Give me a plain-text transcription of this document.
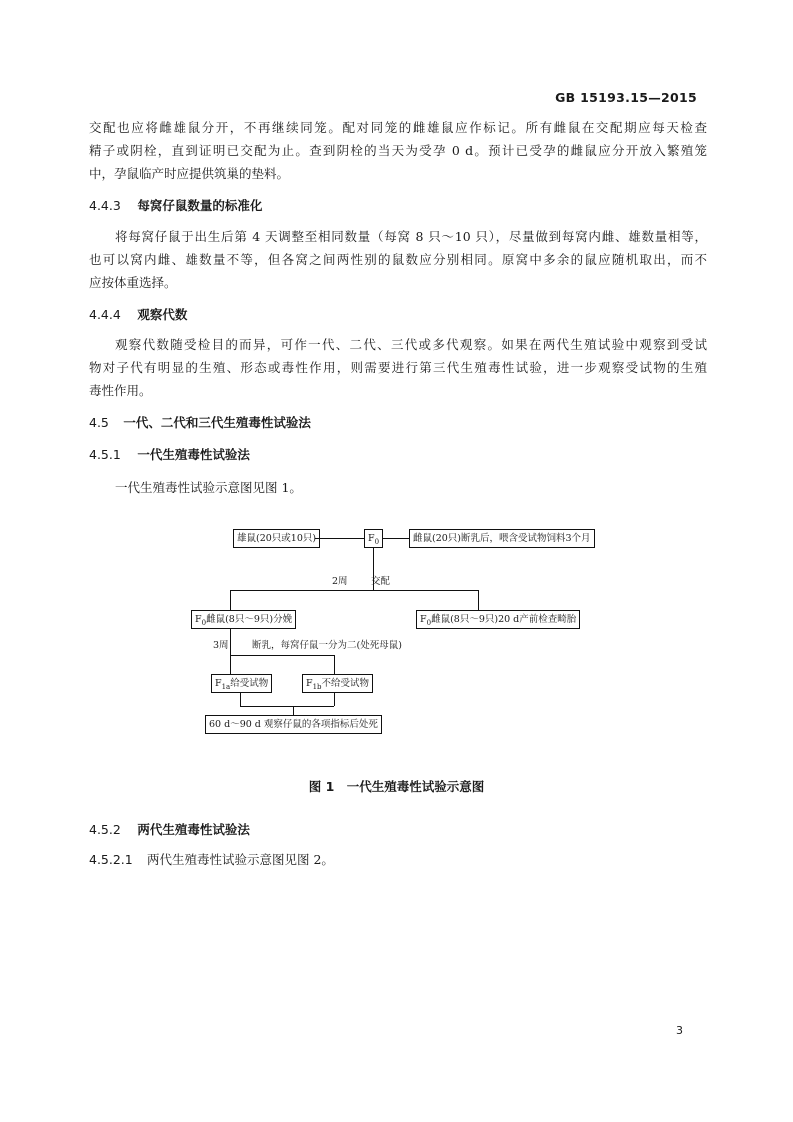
GB 15193.15—2015
交配也应将雌雄鼠分开，不再继续同笼。配对同笼的雌雄鼠应作标记。所有雌鼠在交配期应每天检查
精子或阴栓，直到证明已交配为止。查到阴栓的当天为受孕 0 d。预计已受孕的雌鼠应分开放入繁殖笼
中，孕鼠临产时应提供筑巢的垫料。
4.4.3 每窝仔鼠数量的标准化
将每窝仔鼠于出生后第 4 天调整至相同数量（每窝 8 只～10 只），尽量做到每窝内雌、雄数量相等，
也可以窝内雌、雄数量不等，但各窝之间两性别的鼠数应分别相同。原窝中多余的鼠应随机取出，而不
应按体重选择。
4.4.4 观察代数
观察代数随受检目的而异，可作一代、二代、三代或多代观察。如果在两代生殖试验中观察到受试
物对子代有明显的生殖、形态或毒性作用，则需要进行第三代生殖毒性试验，进一步观察受试物的生殖
毒性作用。
4.5 一代、二代和三代生殖毒性试验法
4.5.1 一代生殖毒性试验法
一代生殖毒性试验示意图见图 1。
雄鼠(20只或10只)	$F_0$	雌鼠(20只)断乳后，喂含受试物饲料3个月
2周 交配
$F_0$雌鼠(8只～9只)分娩	$F_0$雌鼠(8只～9只)20 d产前检查畸胎
3周 断乳，每窝仔鼠一分为二(处死母鼠)
$F_{1a}$给受试物	$F_{1b}$不给受试物
60 d～90 d 观察仔鼠的各项指标后处死
图 1　一代生殖毒性试验示意图
4.5.2 两代生殖毒性试验法
4.5.2.1 两代生殖毒性试验示意图见图 2。
3
